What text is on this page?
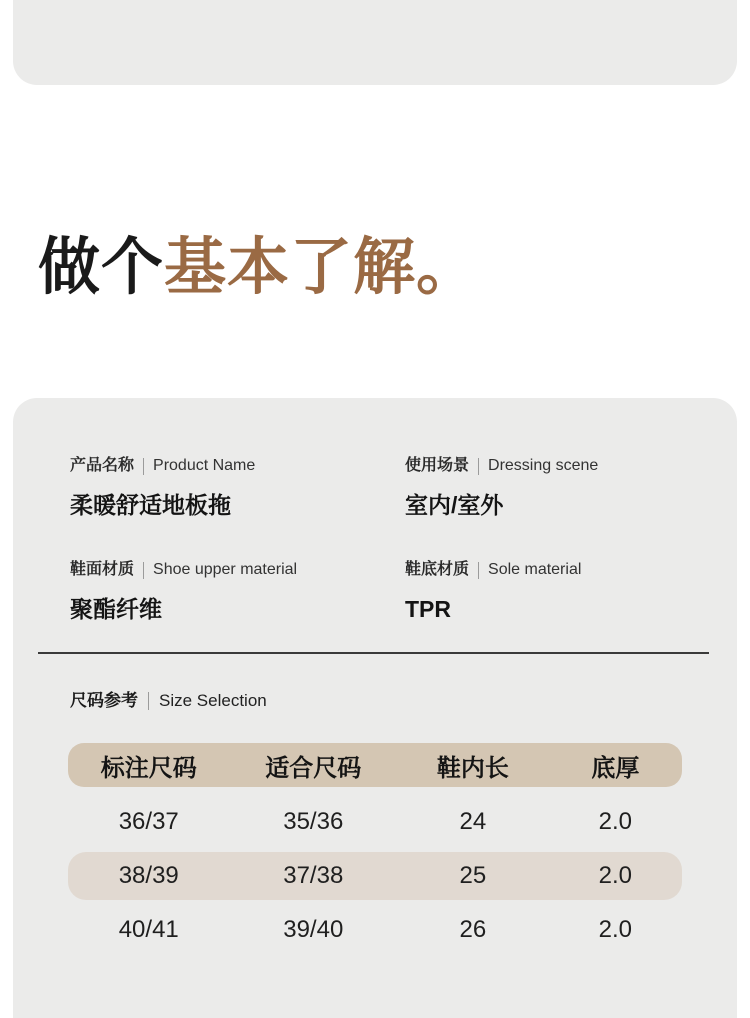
做个基本了解。
产品名称 Product Name
柔暖舒适地板拖
使用场景 Dressing scene
室内/室外
鞋面材质 Shoe upper material
聚酯纤维
鞋底材质 Sole material
TPR
尺码参考 Size Selection
标注尺码	适合尺码	鞋内长	底厚
36/37	35/36	24	2.0
38/39	37/38	25	2.0
40/41	39/40	26	2.0
